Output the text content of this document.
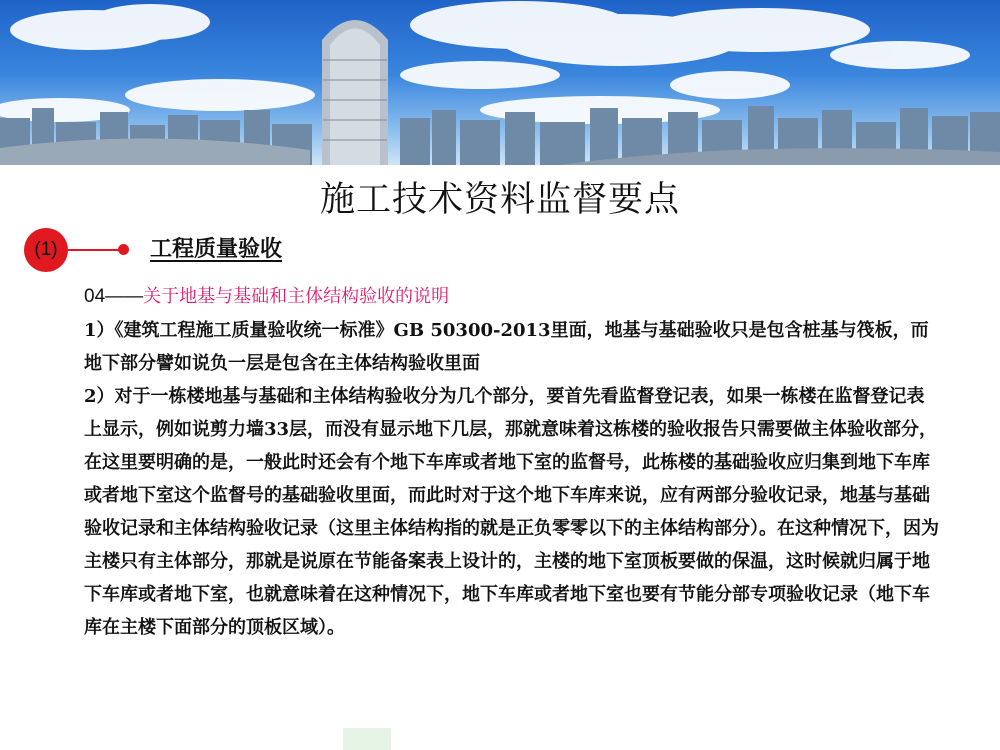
施工技术资料监督要点
(1)	工程质量验收
04——关于地基与基础和主体结构验收的说明

1）《建筑工程施工质量验收统一标准》GB 50300-2013里面，地基与基础验收只是包含桩基与筏板，而地下部分譬如说负一层是包含在主体结构验收里面

2）对于一栋楼地基与基础和主体结构验收分为几个部分，要首先看监督登记表，如果一栋楼在监督登记表上显示，例如说剪力墙33层，而没有显示地下几层，那就意味着这栋楼的验收报告只需要做主体验收部分，在这里要明确的是，一般此时还会有个地下车库或者地下室的监督号，此栋楼的基础验收应归集到地下车库或者地下室这个监督号的基础验收里面，而此时对于这个地下车库来说，应有两部分验收记录，地基与基础验收记录和主体结构验收记录（这里主体结构指的就是正负零零以下的主体结构部分）。在这种情况下，因为主楼只有主体部分，那就是说原在节能备案表上设计的，主楼的地下室顶板要做的保温，这时候就归属于地下车库或者地下室，也就意味着在这种情况下，地下车库或者地下室也要有节能分部专项验收记录（地下车库在主楼下面部分的顶板区域）。
